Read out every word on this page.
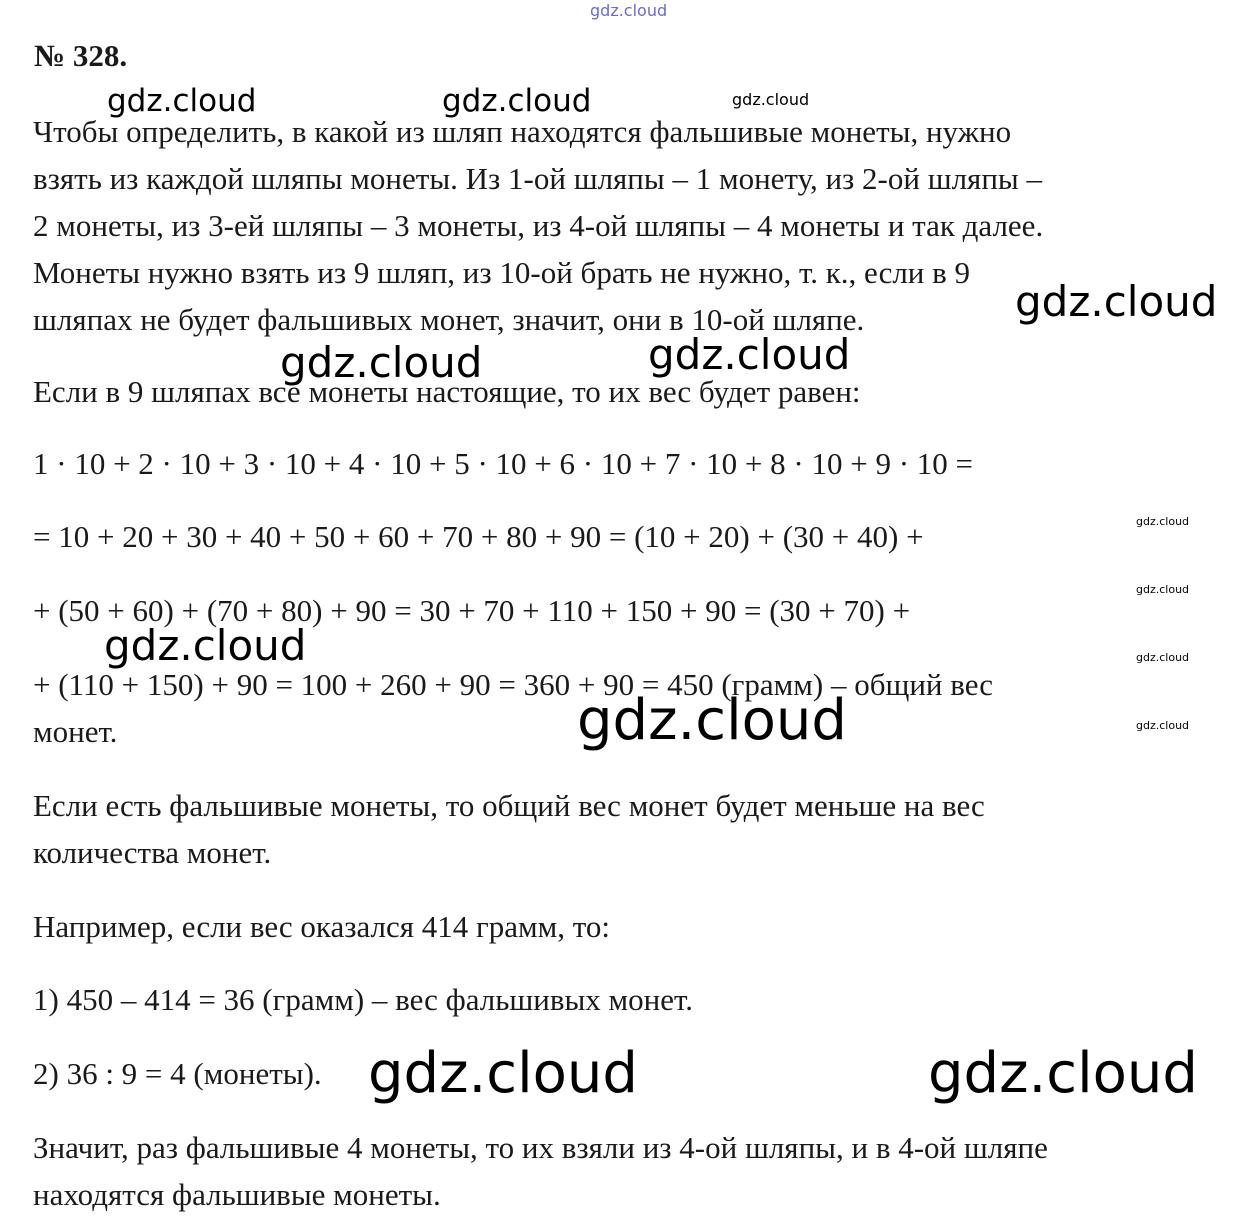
№ 328.

Чтобы определить, в какой из шляп находятся фальшивые монеты, нужно
взять из каждой шляпы монеты. Из 1-ой шляпы – 1 монету, из 2-ой шляпы –
2 монеты, из 3-ей шляпы – 3 монеты, из 4-ой шляпы – 4 монеты и так далее.
Монеты нужно взять из 9 шляп, из 10-ой брать не нужно, т. к., если в 9
шляпах не будет фальшивых монет, значит, они в 10-ой шляпе.

Если в 9 шляпах все монеты настоящие, то их вес будет равен:

1 · 10 + 2 · 10 + 3 · 10 + 4 · 10 + 5 · 10 + 6 · 10 + 7 · 10 + 8 · 10 + 9 · 10 =

= 10 + 20 + 30 + 40 + 50 + 60 + 70 + 80 + 90 = (10 + 20) + (30 + 40) +

+ (50 + 60) + (70 + 80) + 90 = 30 + 70 + 110 + 150 + 90 = (30 + 70) +

+ (110 + 150) + 90 = 100 + 260 + 90 = 360 + 90 = 450 (грамм) – общий вес
монет.

Если есть фальшивые монеты, то общий вес монет будет меньше на вес
количества монет.

Например, если вес оказался 414 грамм, то:

1) 450 – 414 = 36 (грамм) – вес фальшивых монет.

2) 36 : 9 = 4 (монеты).

Значит, раз фальшивые 4 монеты, то их взяли из 4-ой шляпы, и в 4-ой шляпе
находятся фальшивые монеты.

gdz.cloud
gdz.cloud	gdz.cloud	gdz.cloud
gdz.cloud
gdz.cloud	gdz.cloud
gdz.cloud
gdz.cloud
gdz.cloud	gdz.cloud
gdz.cloud	gdz.cloud
gdz.cloud	gdz.cloud
